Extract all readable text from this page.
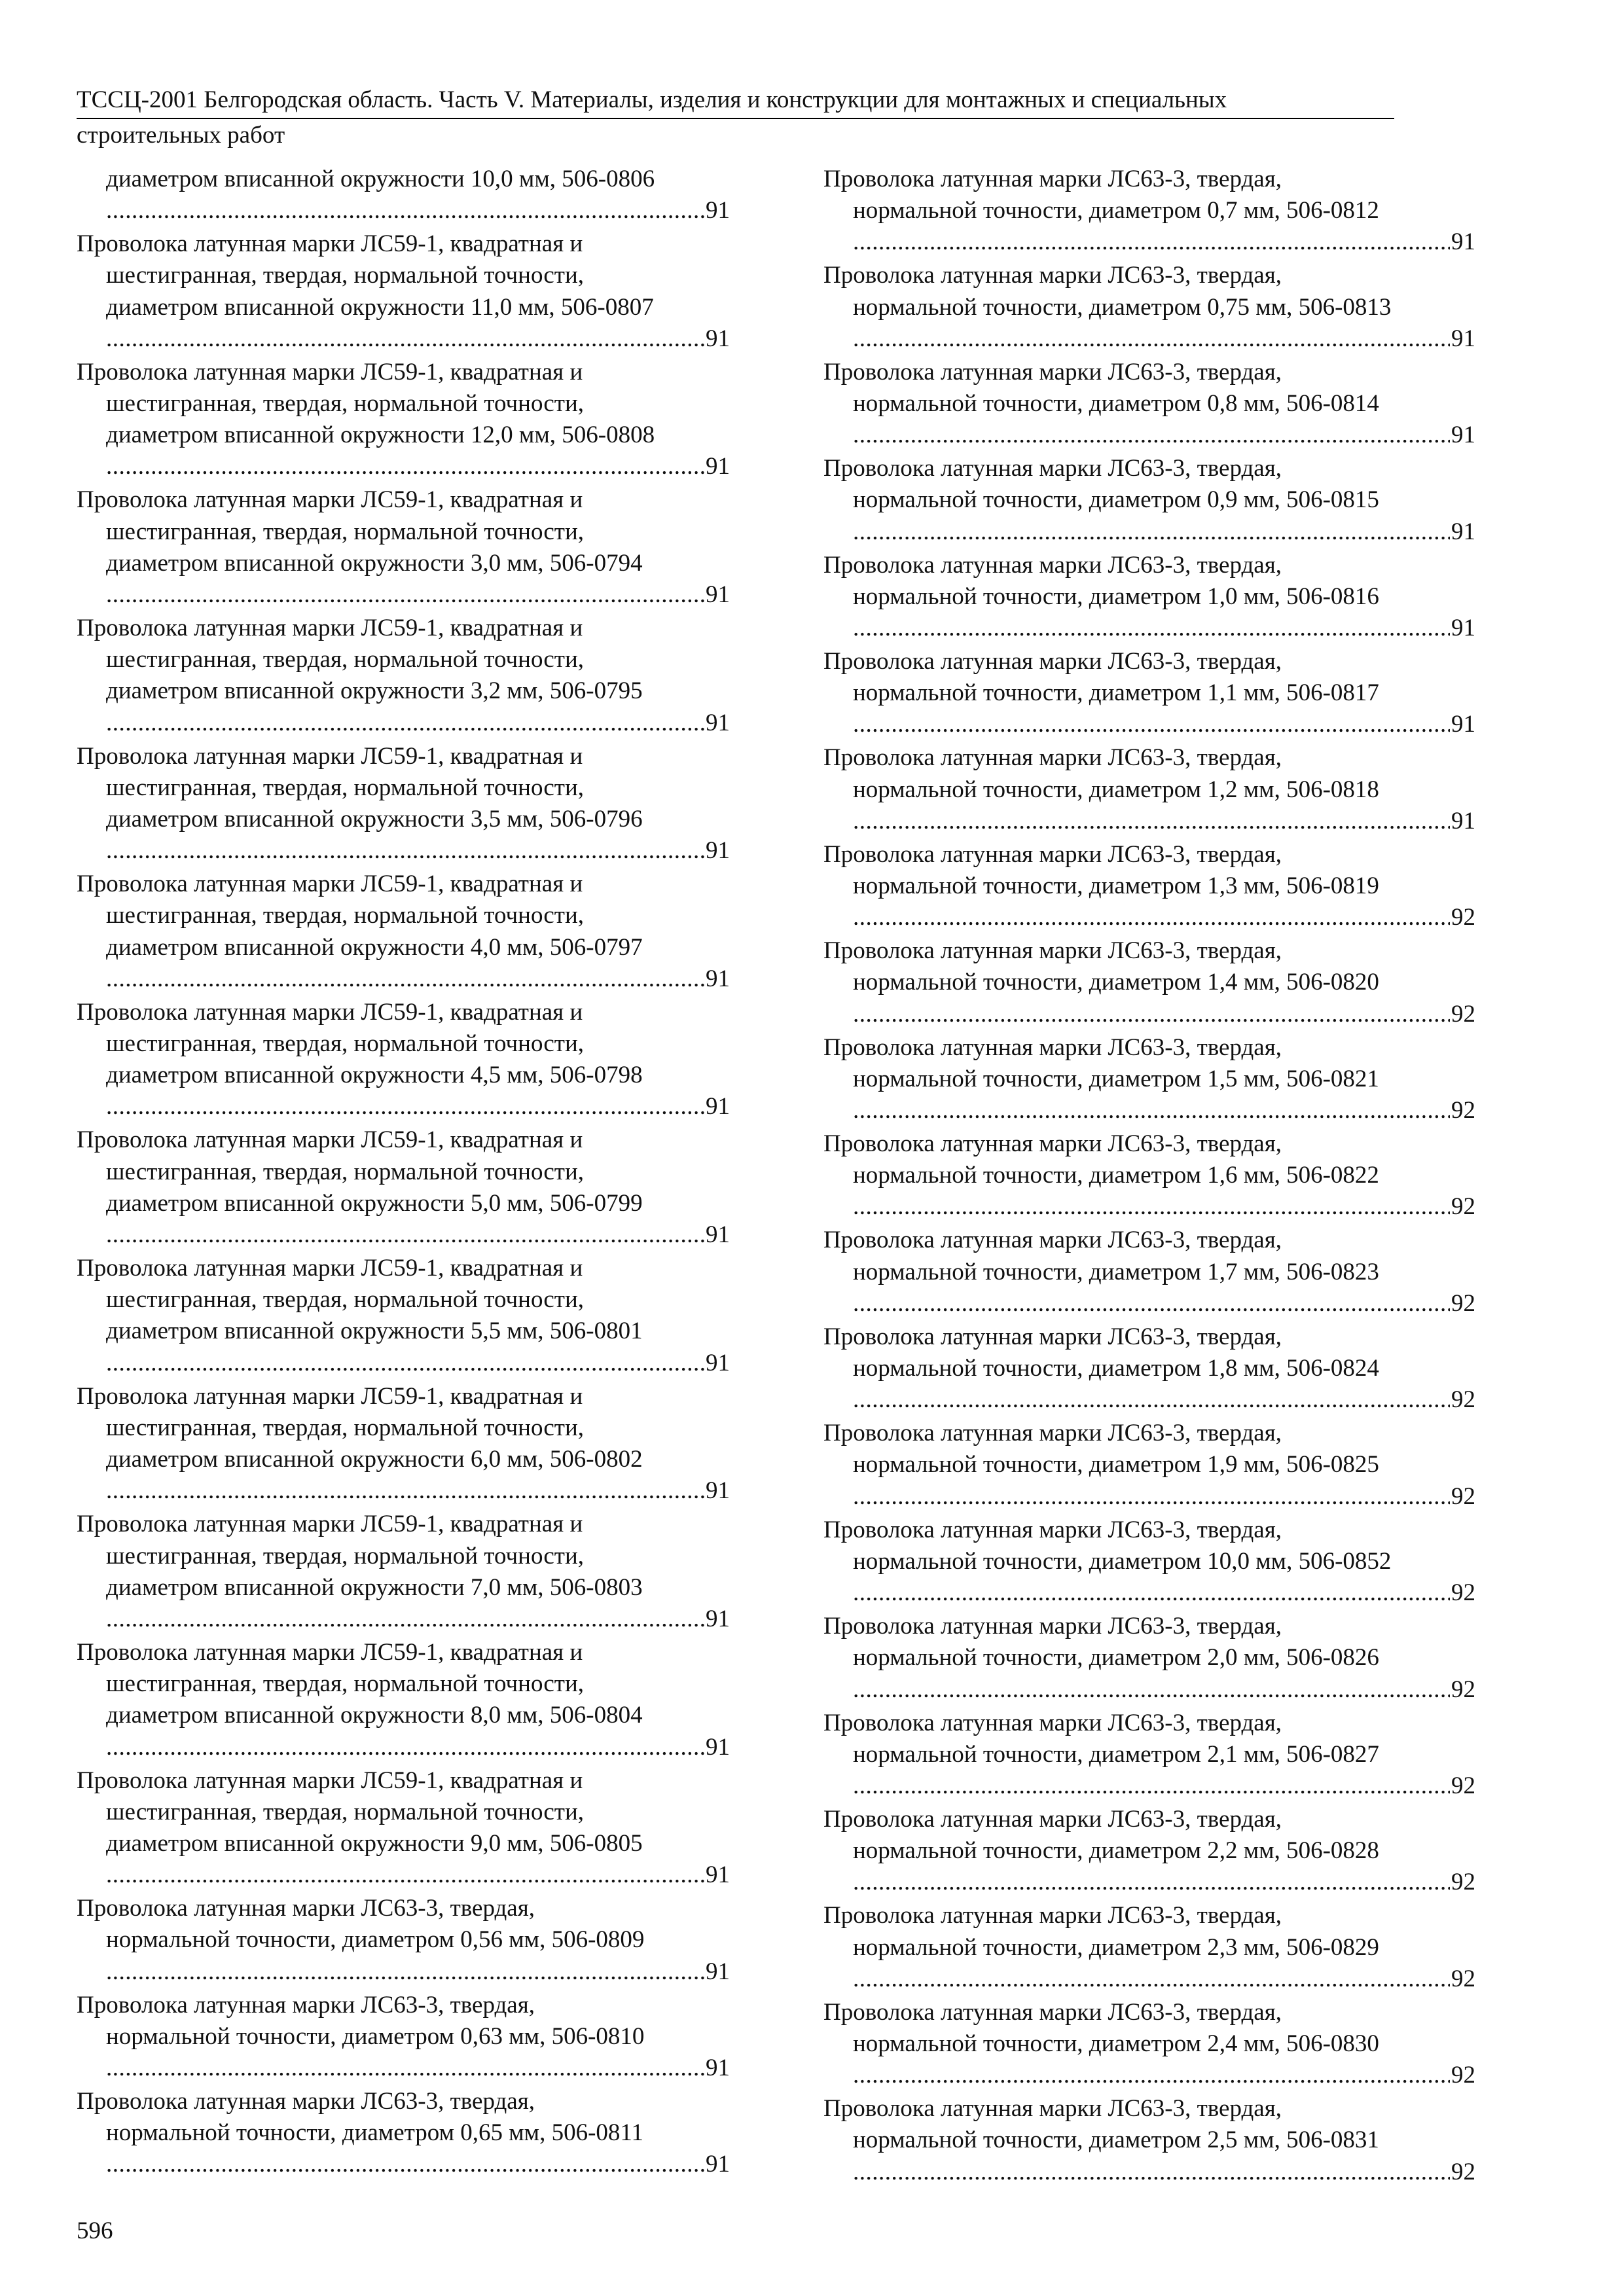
ТССЦ-2001 Белгородская область. Часть V. Материалы, изделия и конструкции для монтажных и специальных
строительных работ
диаметром вписанной окружности 10,0 мм, 506-0806
.....
91
Проволока латунная марки ЛС59-1, квадратная и
шестигранная, твердая, нормальной точности,
диаметром вписанной окружности 11,0 мм, 506-0807
.....
91
Проволока латунная марки ЛС59-1, квадратная и
шестигранная, твердая, нормальной точности,
диаметром вписанной окружности 12,0 мм, 506-0808
.....
91
Проволока латунная марки ЛС59-1, квадратная и
шестигранная, твердая, нормальной точности,
диаметром вписанной окружности 3,0 мм, 506-0794
.....
91
Проволока латунная марки ЛС59-1, квадратная и
шестигранная, твердая, нормальной точности,
диаметром вписанной окружности 3,2 мм, 506-0795
.....
91
Проволока латунная марки ЛС59-1, квадратная и
шестигранная, твердая, нормальной точности,
диаметром вписанной окружности 3,5 мм, 506-0796
.....
91
Проволока латунная марки ЛС59-1, квадратная и
шестигранная, твердая, нормальной точности,
диаметром вписанной окружности 4,0 мм, 506-0797
.....
91
Проволока латунная марки ЛС59-1, квадратная и
шестигранная, твердая, нормальной точности,
диаметром вписанной окружности 4,5 мм, 506-0798
.....
91
Проволока латунная марки ЛС59-1, квадратная и
шестигранная, твердая, нормальной точности,
диаметром вписанной окружности 5,0 мм, 506-0799
.....
91
Проволока латунная марки ЛС59-1, квадратная и
шестигранная, твердая, нормальной точности,
диаметром вписанной окружности 5,5 мм, 506-0801
.....
91
Проволока латунная марки ЛС59-1, квадратная и
шестигранная, твердая, нормальной точности,
диаметром вписанной окружности 6,0 мм, 506-0802
.....
91
Проволока латунная марки ЛС59-1, квадратная и
шестигранная, твердая, нормальной точности,
диаметром вписанной окружности 7,0 мм, 506-0803
.....
91
Проволока латунная марки ЛС59-1, квадратная и
шестигранная, твердая, нормальной точности,
диаметром вписанной окружности 8,0 мм, 506-0804
.....
91
Проволока латунная марки ЛС59-1, квадратная и
шестигранная, твердая, нормальной точности,
диаметром вписанной окружности 9,0 мм, 506-0805
.....
91
Проволока латунная марки ЛС63-3, твердая,
нормальной точности, диаметром 0,56 мм, 506-0809
.....
91
Проволока латунная марки ЛС63-3, твердая,
нормальной точности, диаметром 0,63 мм, 506-0810
.....
91
Проволока латунная марки ЛС63-3, твердая,
нормальной точности, диаметром 0,65 мм, 506-0811
.....
91
Проволока латунная марки ЛС63-3, твердая,
нормальной точности, диаметром 0,7 мм, 506-0812
.....
91
Проволока латунная марки ЛС63-3, твердая,
нормальной точности, диаметром 0,75 мм, 506-0813
.....
91
Проволока латунная марки ЛС63-3, твердая,
нормальной точности, диаметром 0,8 мм, 506-0814
.....
91
Проволока латунная марки ЛС63-3, твердая,
нормальной точности, диаметром 0,9 мм, 506-0815
.....
91
Проволока латунная марки ЛС63-3, твердая,
нормальной точности, диаметром 1,0 мм, 506-0816
.....
91
Проволока латунная марки ЛС63-3, твердая,
нормальной точности, диаметром 1,1 мм, 506-0817
.....
91
Проволока латунная марки ЛС63-3, твердая,
нормальной точности, диаметром 1,2 мм, 506-0818
.....
91
Проволока латунная марки ЛС63-3, твердая,
нормальной точности, диаметром 1,3 мм, 506-0819
.....
92
Проволока латунная марки ЛС63-3, твердая,
нормальной точности, диаметром 1,4 мм, 506-0820
.....
92
Проволока латунная марки ЛС63-3, твердая,
нормальной точности, диаметром 1,5 мм, 506-0821
.....
92
Проволока латунная марки ЛС63-3, твердая,
нормальной точности, диаметром 1,6 мм, 506-0822
.....
92
Проволока латунная марки ЛС63-3, твердая,
нормальной точности, диаметром 1,7 мм, 506-0823
.....
92
Проволока латунная марки ЛС63-3, твердая,
нормальной точности, диаметром 1,8 мм, 506-0824
.....
92
Проволока латунная марки ЛС63-3, твердая,
нормальной точности, диаметром 1,9 мм, 506-0825
.....
92
Проволока латунная марки ЛС63-3, твердая,
нормальной точности, диаметром 10,0 мм, 506-0852
.....
92
Проволока латунная марки ЛС63-3, твердая,
нормальной точности, диаметром 2,0 мм, 506-0826
.....
92
Проволока латунная марки ЛС63-3, твердая,
нормальной точности, диаметром 2,1 мм, 506-0827
.....
92
Проволока латунная марки ЛС63-3, твердая,
нормальной точности, диаметром 2,2 мм, 506-0828
.....
92
Проволока латунная марки ЛС63-3, твердая,
нормальной точности, диаметром 2,3 мм, 506-0829
.....
92
Проволока латунная марки ЛС63-3, твердая,
нормальной точности, диаметром 2,4 мм, 506-0830
.....
92
Проволока латунная марки ЛС63-3, твердая,
нормальной точности, диаметром 2,5 мм, 506-0831
.....
92
596
